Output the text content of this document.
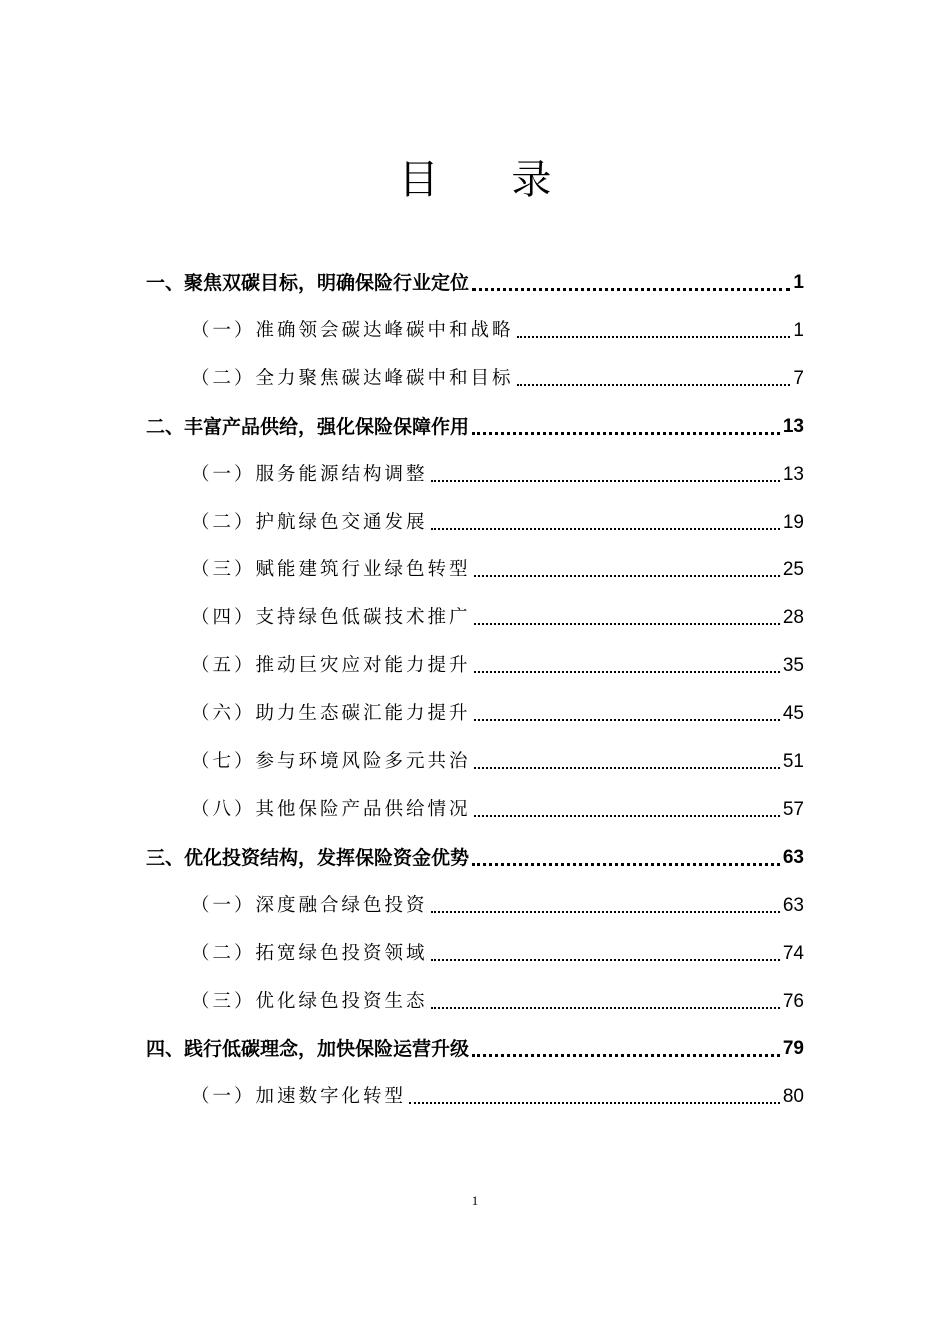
目 录
一、聚焦双碳目标，明确保险行业定位	1
（一）准确领会碳达峰碳中和战略	1
（二）全力聚焦碳达峰碳中和目标	7
二、丰富产品供给，强化保险保障作用	13
（一）服务能源结构调整	13
（二）护航绿色交通发展	19
（三）赋能建筑行业绿色转型	25
（四）支持绿色低碳技术推广	28
（五）推动巨灾应对能力提升	35
（六）助力生态碳汇能力提升	45
（七）参与环境风险多元共治	51
（八）其他保险产品供给情况	57
三、优化投资结构，发挥保险资金优势	63
（一）深度融合绿色投资	63
（二）拓宽绿色投资领域	74
（三）优化绿色投资生态	76
四、践行低碳理念，加快保险运营升级	79
（一）加速数字化转型	80
1
